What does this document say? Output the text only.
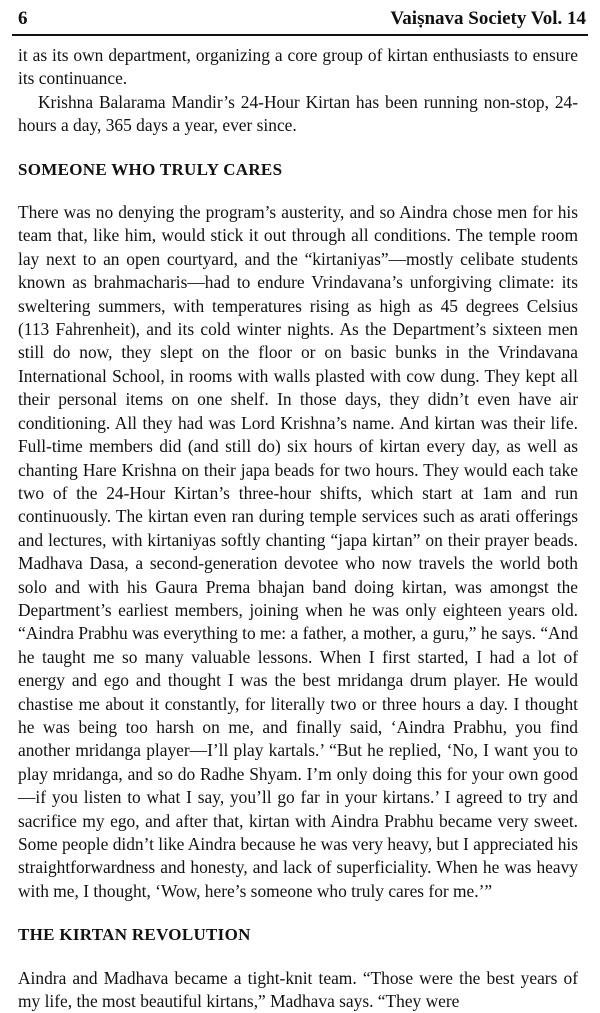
6	Vaiṣnava Society Vol. 14

it as its own department, organizing a core group of kirtan enthusiasts to ensure its continuance.

Krishna Balarama Mandir’s 24-Hour Kirtan has been running non-stop, 24-hours a day, 365 days a year, ever since.

SOMEONE WHO TRULY CARES

There was no denying the program’s austerity, and so Aindra chose men for his team that, like him, would stick it out through all conditions. The temple room lay next to an open courtyard, and the “kirtaniyas”—mostly celibate students known as brahmacharis—had to endure Vrindavana’s unforgiving climate: its sweltering summers, with temperatures rising as high as 45 degrees Celsius (113 Fahrenheit), and its cold winter nights. As the Department’s sixteen men still do now, they slept on the floor or on basic bunks in the Vrindavana International School, in rooms with walls plasted with cow dung. They kept all their personal items on one shelf. In those days, they didn’t even have air conditioning. All they had was Lord Krishna’s name. And kirtan was their life. Full-time members did (and still do) six hours of kirtan every day, as well as chanting Hare Krishna on their japa beads for two hours. They would each take two of the 24-Hour Kirtan’s three-hour shifts, which start at 1am and run continuously. The kirtan even ran during temple services such as arati offerings and lectures, with kirtaniyas softly chanting “japa kirtan” on their prayer beads. Madhava Dasa, a second-generation devotee who now travels the world both solo and with his Gaura Prema bhajan band doing kirtan, was amongst the Department’s earliest members, joining when he was only eighteen years old. “Aindra Prabhu was everything to me: a father, a mother, a guru,” he says. “And he taught me so many valuable lessons. When I first started, I had a lot of energy and ego and thought I was the best mridanga drum player. He would chastise me about it constantly, for literally two or three hours a day. I thought he was being too harsh on me, and finally said, ‘Aindra Prabhu, you find another mridanga player—I’ll play kartals.’ “But he replied, ‘No, I want you to play mridanga, and so do Radhe Shyam. I’m only doing this for your own good—if you listen to what I say, you’ll go far in your kirtans.’ I agreed to try and sacrifice my ego, and after that, kirtan with Aindra Prabhu became very sweet. Some people didn’t like Aindra because he was very heavy, but I appreciated his straightforwardness and honesty, and lack of superficiality. When he was heavy with me, I thought, ‘Wow, here’s someone who truly cares for me.’”

THE KIRTAN REVOLUTION

Aindra and Madhava became a tight-knit team. “Those were the best years of my life, the most beautiful kirtans,” Madhava says. “They were
